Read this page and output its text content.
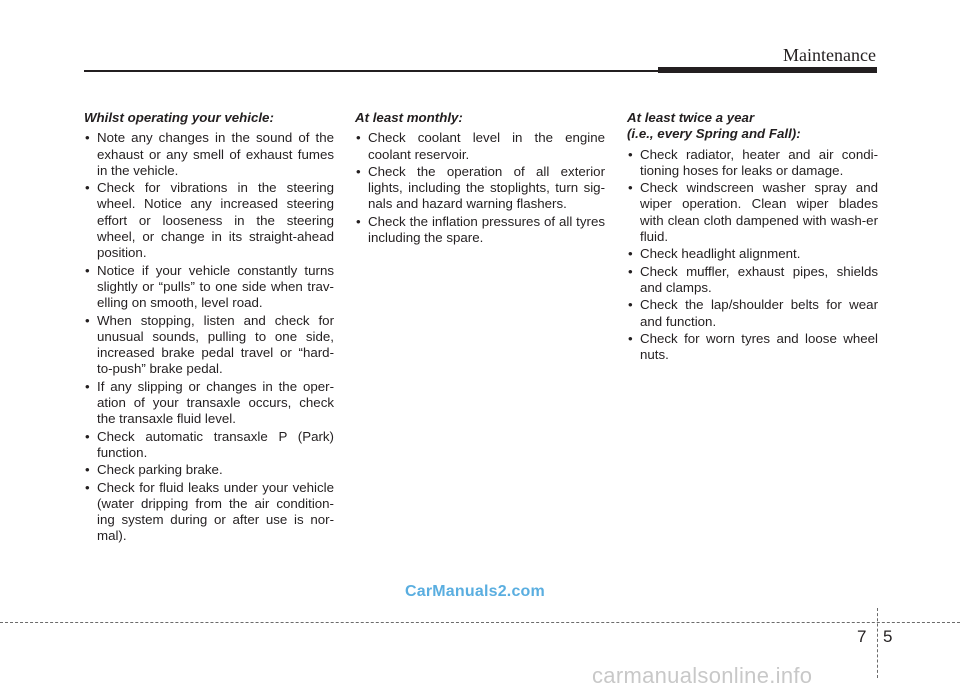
Maintenance
Whilst operating your vehicle:
• Note any changes in the sound of the exhaust or any smell of exhaust fumes in the vehicle.
• Check for vibrations in the steering wheel. Notice any increased steering effort or looseness in the steering wheel, or change in its straight-ahead position.
• Notice if your vehicle constantly turns slightly or “pulls” to one side when trav-elling on smooth, level road.
• When stopping, listen and check for unusual sounds, pulling to one side, increased brake pedal travel or “hard-to-push” brake pedal.
• If any slipping or changes in the oper-ation of your transaxle occurs, check the transaxle fluid level.
• Check automatic transaxle P (Park) function.
• Check parking brake.
• Check for fluid leaks under your vehicle (water dripping from the air condition-ing system during or after use is nor-mal).
At least monthly:
• Check coolant level in the engine coolant reservoir.
• Check the operation of all exterior lights, including the stoplights, turn sig-nals and hazard warning flashers.
• Check the inflation pressures of all tyres including the spare.
At least twice a year
(i.e., every Spring and Fall):
• Check radiator, heater and air condi-tioning hoses for leaks or damage.
• Check windscreen washer spray and wiper operation. Clean wiper blades with clean cloth dampened with wash-er fluid.
• Check headlight alignment.
• Check muffler, exhaust pipes, shields and clamps.
• Check the lap/shoulder belts for wear and function.
• Check for worn tyres and loose wheel nuts.
CarManuals2.com
7 5
carmanualsonline.info
